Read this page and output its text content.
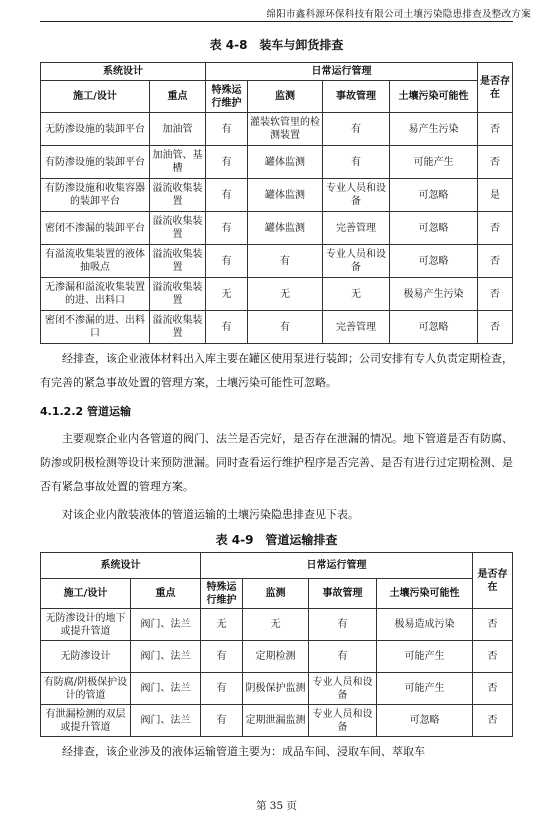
绵阳市鑫科源环保科技有限公司土壤污染隐患排查及整改方案
表 4-8　装车与卸货排查
系统设计		日常运行管理				是否存在
施工/设计	重点	特殊运行维护	监测	事故管理	土壤污染可能性	
无防渗设施的装卸平台	加油管	有	灌装软管里的检测装置	有	易产生污染	否
有防渗设施的装卸平台	加油管、基槽	有	罐体监测	有	可能产生	否
有防渗设施和收集容器的装卸平台	溢流收集装置	有	罐体监测	专业人员和设备	可忽略	是
密闭不渗漏的装卸平台	溢流收集装置	有	罐体监测	完善管理	可忽略	否
有溢流收集装置的液体抽吸点	溢流收集装置	有	有	专业人员和设备	可忽略	否
无渗漏和溢流收集装置的进、出料口	溢流收集装置	无	无	无	极易产生污染	否
密闭不渗漏的进、出料口	溢流收集装置	有	有	完善管理	可忽略	否
经排查，该企业液体材料出入库主要在罐区使用泵进行装卸；公司安排有专人负责定期检查，有完善的紧急事故处置的管理方案，土壤污染可能性可忽略。
4.1.2.2 管道运输
主要观察企业内各管道的阀门、法兰是否完好，是否存在泄漏的情况。地下管道是否有防腐、防渗或阴极检测等设计来预防泄漏。同时查看运行维护程序是否完善、是否有进行过定期检测、是否有紧急事故处置的管理方案。
对该企业内散装液体的管道运输的土壤污染隐患排查见下表。
表 4-9　管道运输排查
系统设计		日常运行管理				是否存在
施工/设计	重点	特殊运行维护	监测	事故管理	土壤污染可能性	
无防渗设计的地下或提升管道	阀门、法兰	无	无	有	极易造成污染	否
无防渗设计	阀门、法兰	有	定期检测	有	可能产生	否
有防腐/阴极保护设计的管道	阀门、法兰	有	阴极保护监测	专业人员和设备	可能产生	否
有泄漏检测的双层或提升管道	阀门、法兰	有	定期泄漏监测	专业人员和设备	可忽略	否
经排查，该企业涉及的液体运输管道主要为：成品车间、浸取车间、萃取车
第 35 页
